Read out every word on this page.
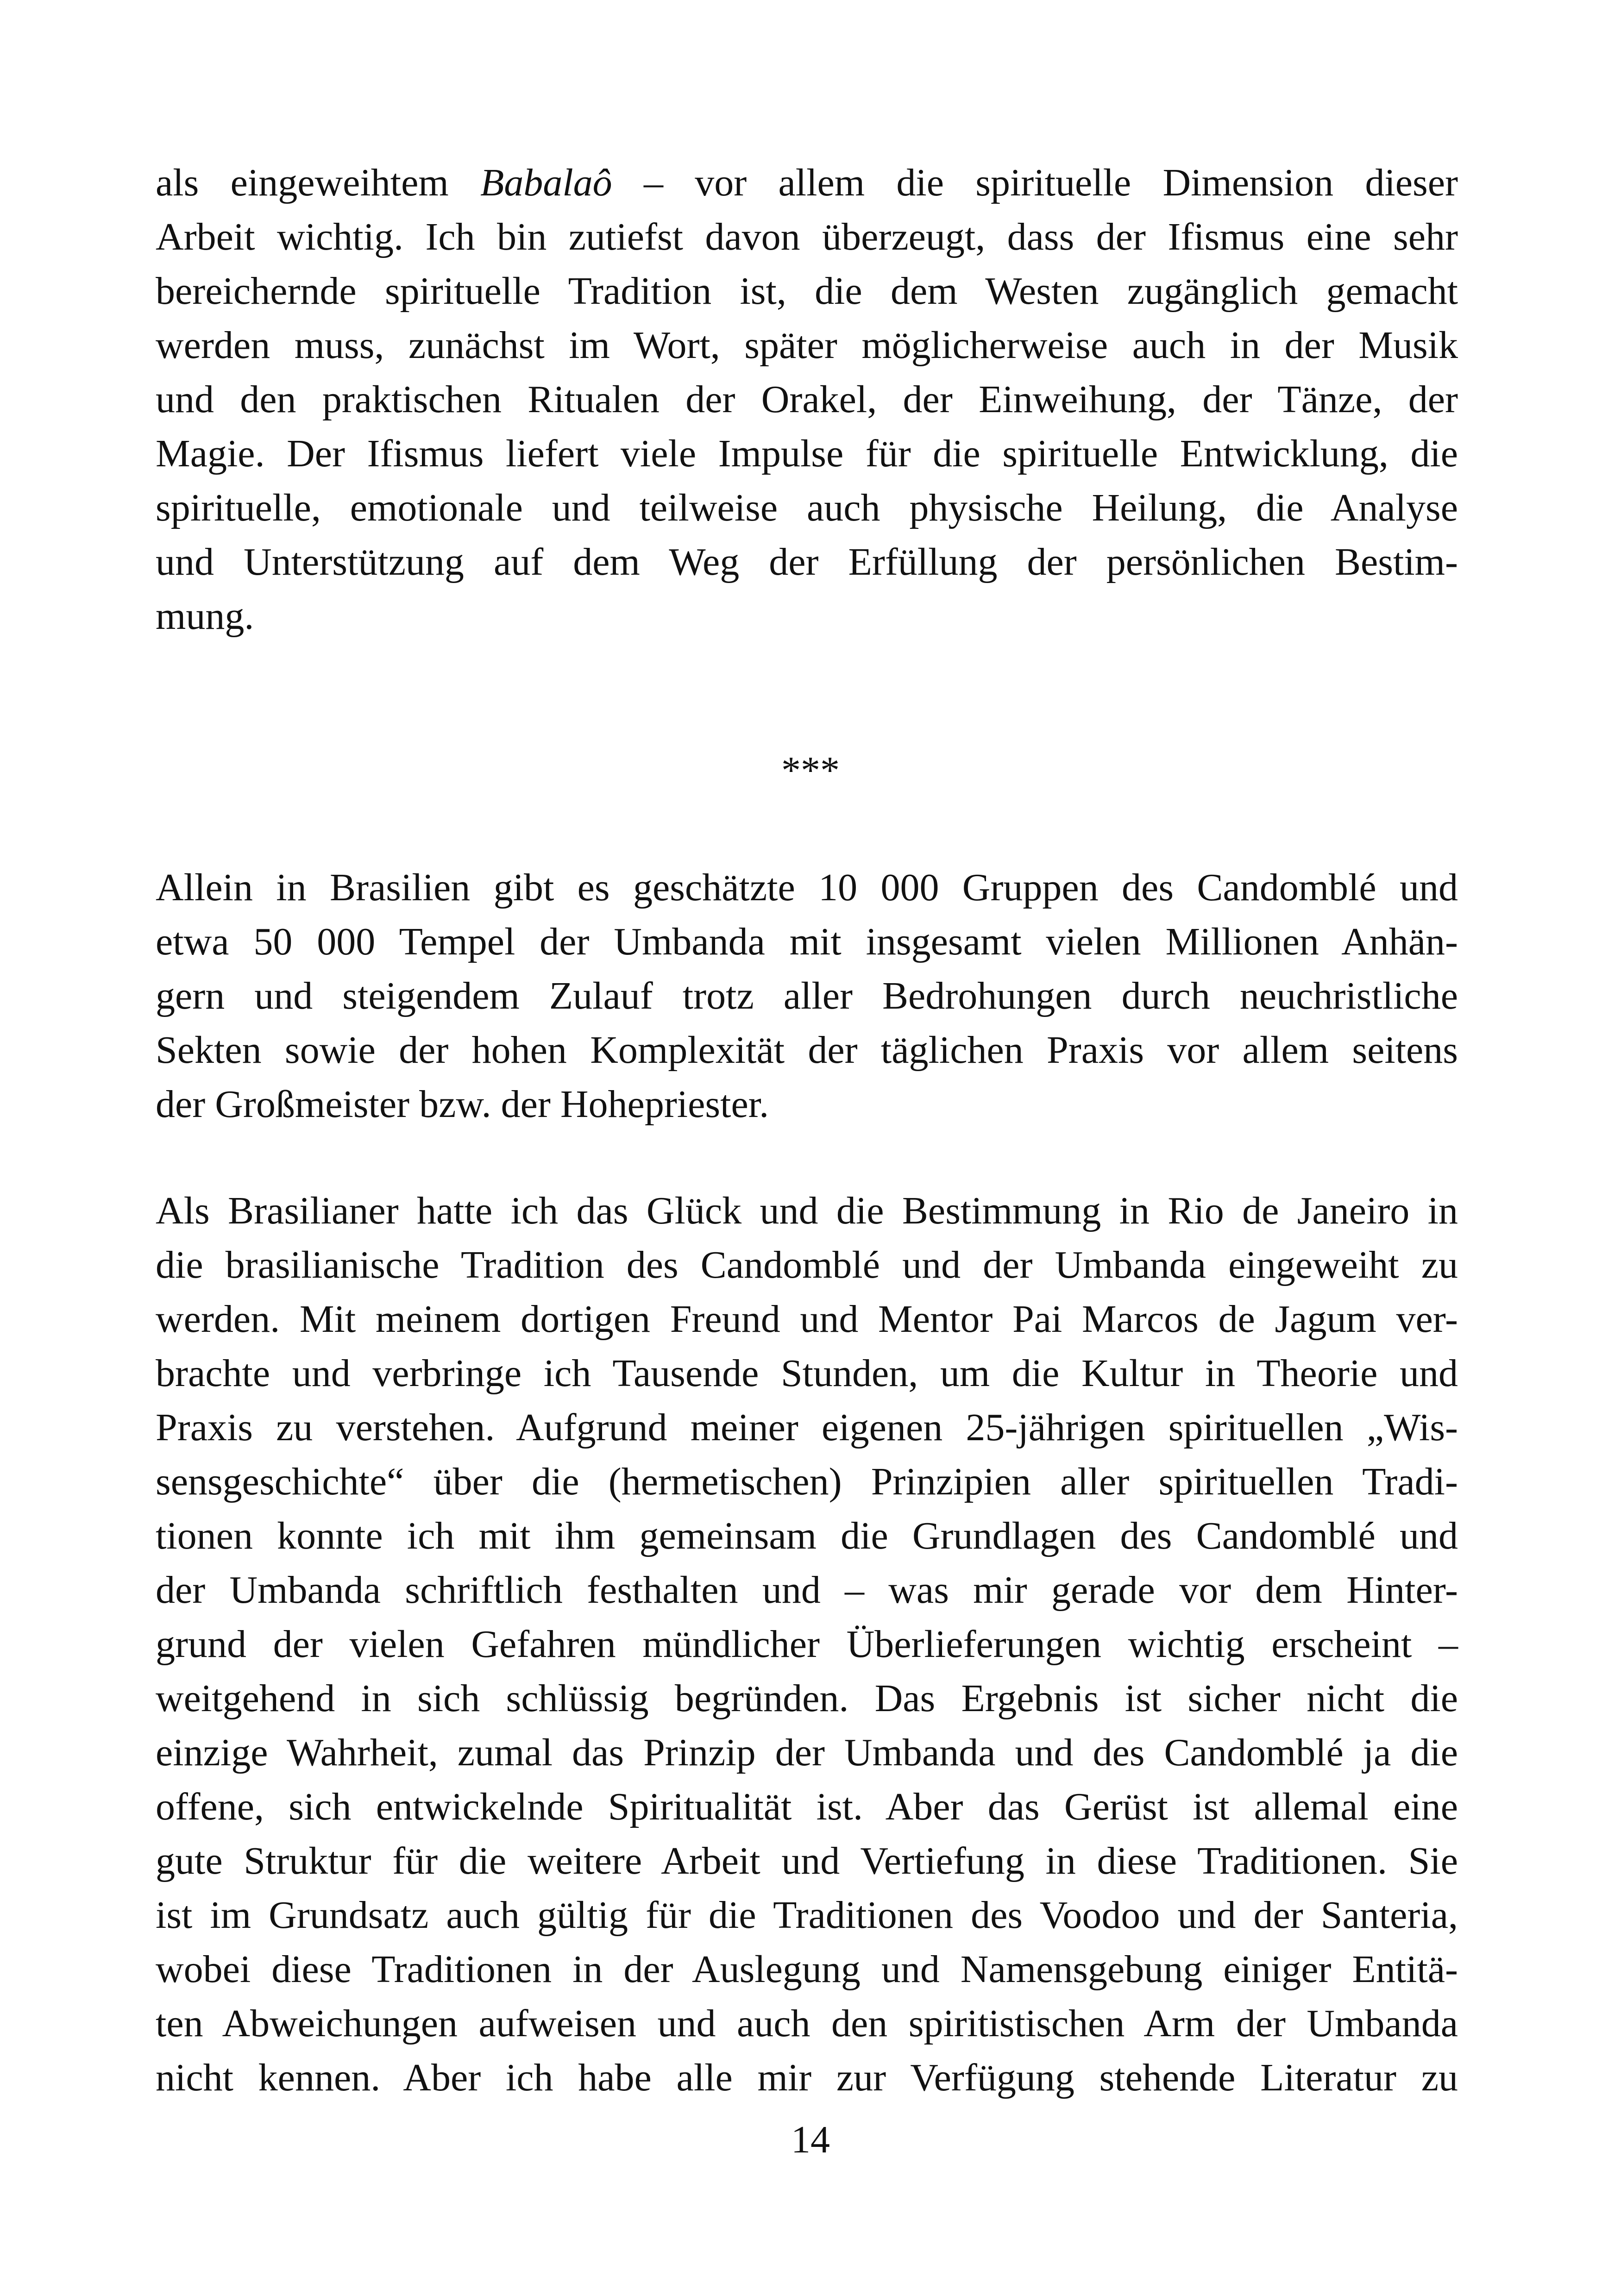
als eingeweihtem Babalaô – vor allem die spirituelle Dimension dieser
Arbeit wichtig. Ich bin zutiefst davon überzeugt, dass der Ifismus eine sehr
bereichernde spirituelle Tradition ist, die dem Westen zugänglich gemacht
werden muss, zunächst im Wort, später möglicherweise auch in der Musik
und den praktischen Ritualen der Orakel, der Einweihung, der Tänze, der
Magie. Der Ifismus liefert viele Impulse für die spirituelle Entwicklung, die
spirituelle, emotionale und teilweise auch physische Heilung, die Analyse
und Unterstützung auf dem Weg der Erfüllung der persönlichen Bestim-
mung.
***
Allein in Brasilien gibt es geschätzte 10 000 Gruppen des Candomblé und
etwa 50 000 Tempel der Umbanda mit insgesamt vielen Millionen Anhän-
gern und steigendem Zulauf trotz aller Bedrohungen durch neuchristliche
Sekten sowie der hohen Komplexität der täglichen Praxis vor allem seitens
der Großmeister bzw. der Hohepriester.
Als Brasilianer hatte ich das Glück und die Bestimmung in Rio de Janeiro in
die brasilianische Tradition des Candomblé und der Umbanda eingeweiht zu
werden. Mit meinem dortigen Freund und Mentor Pai Marcos de Jagum ver-
brachte und verbringe ich Tausende Stunden, um die Kultur in Theorie und
Praxis zu verstehen. Aufgrund meiner eigenen 25-jährigen spirituellen „Wis-
sensgeschichte“ über die (hermetischen) Prinzipien aller spirituellen Tradi-
tionen konnte ich mit ihm gemeinsam die Grundlagen des Candomblé und
der Umbanda schriftlich festhalten und – was mir gerade vor dem Hinter-
grund der vielen Gefahren mündlicher Überlieferungen wichtig erscheint –
weitgehend in sich schlüssig begründen. Das Ergebnis ist sicher nicht die
einzige Wahrheit, zumal das Prinzip der Umbanda und des Candomblé ja die
offene, sich entwickelnde Spiritualität ist. Aber das Gerüst ist allemal eine
gute Struktur für die weitere Arbeit und Vertiefung in diese Traditionen. Sie
ist im Grundsatz auch gültig für die Traditionen des Voodoo und der Santeria,
wobei diese Traditionen in der Auslegung und Namensgebung einiger Entitä-
ten Abweichungen aufweisen und auch den spiritistischen Arm der Umbanda
nicht kennen. Aber ich habe alle mir zur Verfügung stehende Literatur zu
14
